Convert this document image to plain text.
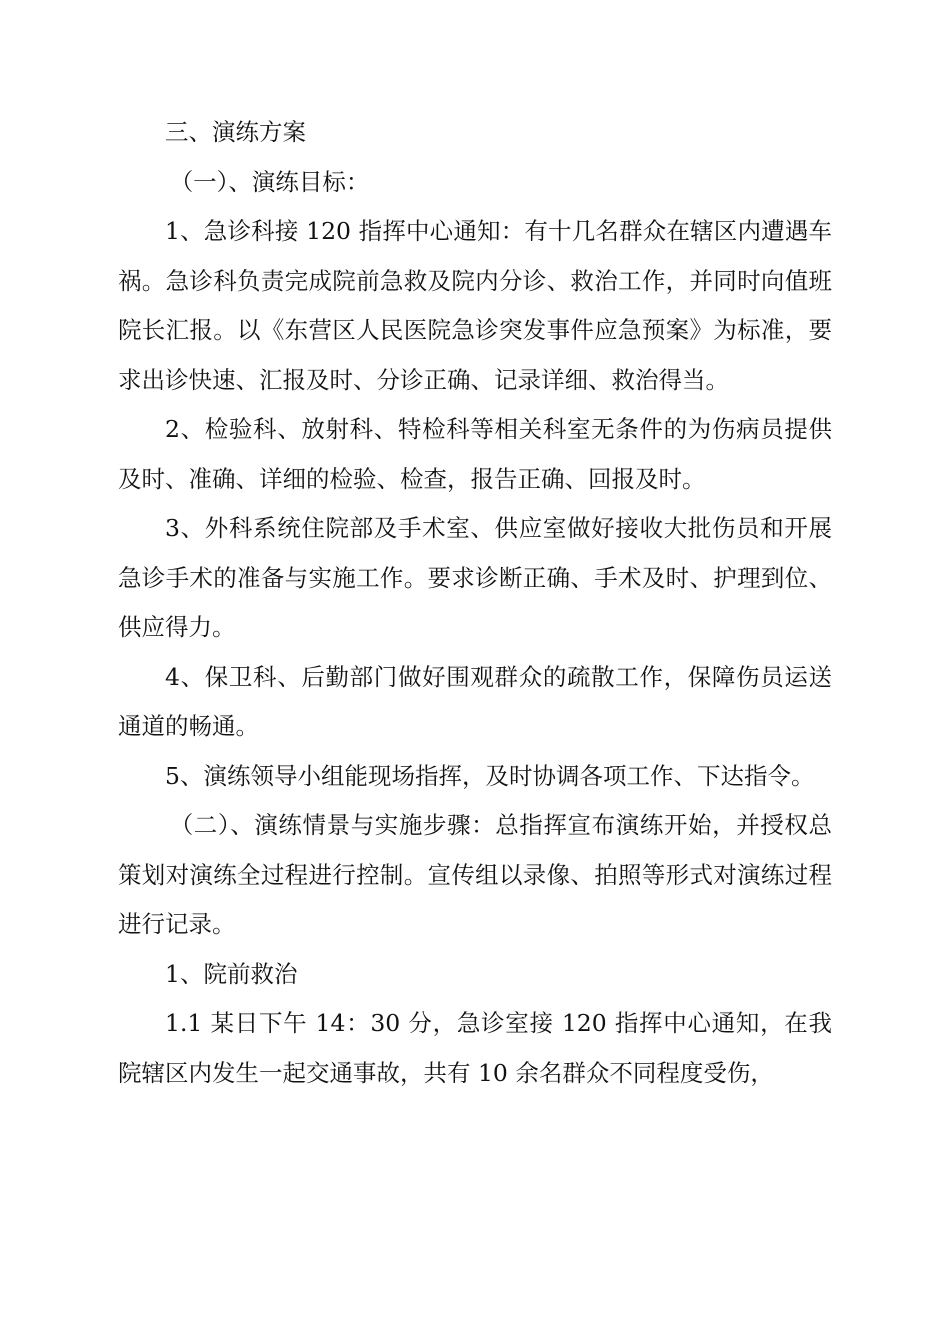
三、演练方案

（一）、演练目标：

1、急诊科接 120 指挥中心通知：有十几名群众在辖区内遭遇车祸。急诊科负责完成院前急救及院内分诊、救治工作，并同时向值班院长汇报。以《东营区人民医院急诊突发事件应急预案》为标准，要求出诊快速、汇报及时、分诊正确、记录详细、救治得当。

2、检验科、放射科、特检科等相关科室无条件的为伤病员提供及时、准确、详细的检验、检查，报告正确、回报及时。

3、外科系统住院部及手术室、供应室做好接收大批伤员和开展急诊手术的准备与实施工作。要求诊断正确、手术及时、护理到位、供应得力。

4、保卫科、后勤部门做好围观群众的疏散工作，保障伤员运送通道的畅通。

5、演练领导小组能现场指挥，及时协调各项工作、下达指令。

（二）、演练情景与实施步骤：总指挥宣布演练开始，并授权总策划对演练全过程进行控制。宣传组以录像、拍照等形式对演练过程进行记录。

1、院前救治

1.1 某日下午 14：30 分，急诊室接 120 指挥中心通知，在我院辖区内发生一起交通事故，共有 10 余名群众不同程度受伤，
